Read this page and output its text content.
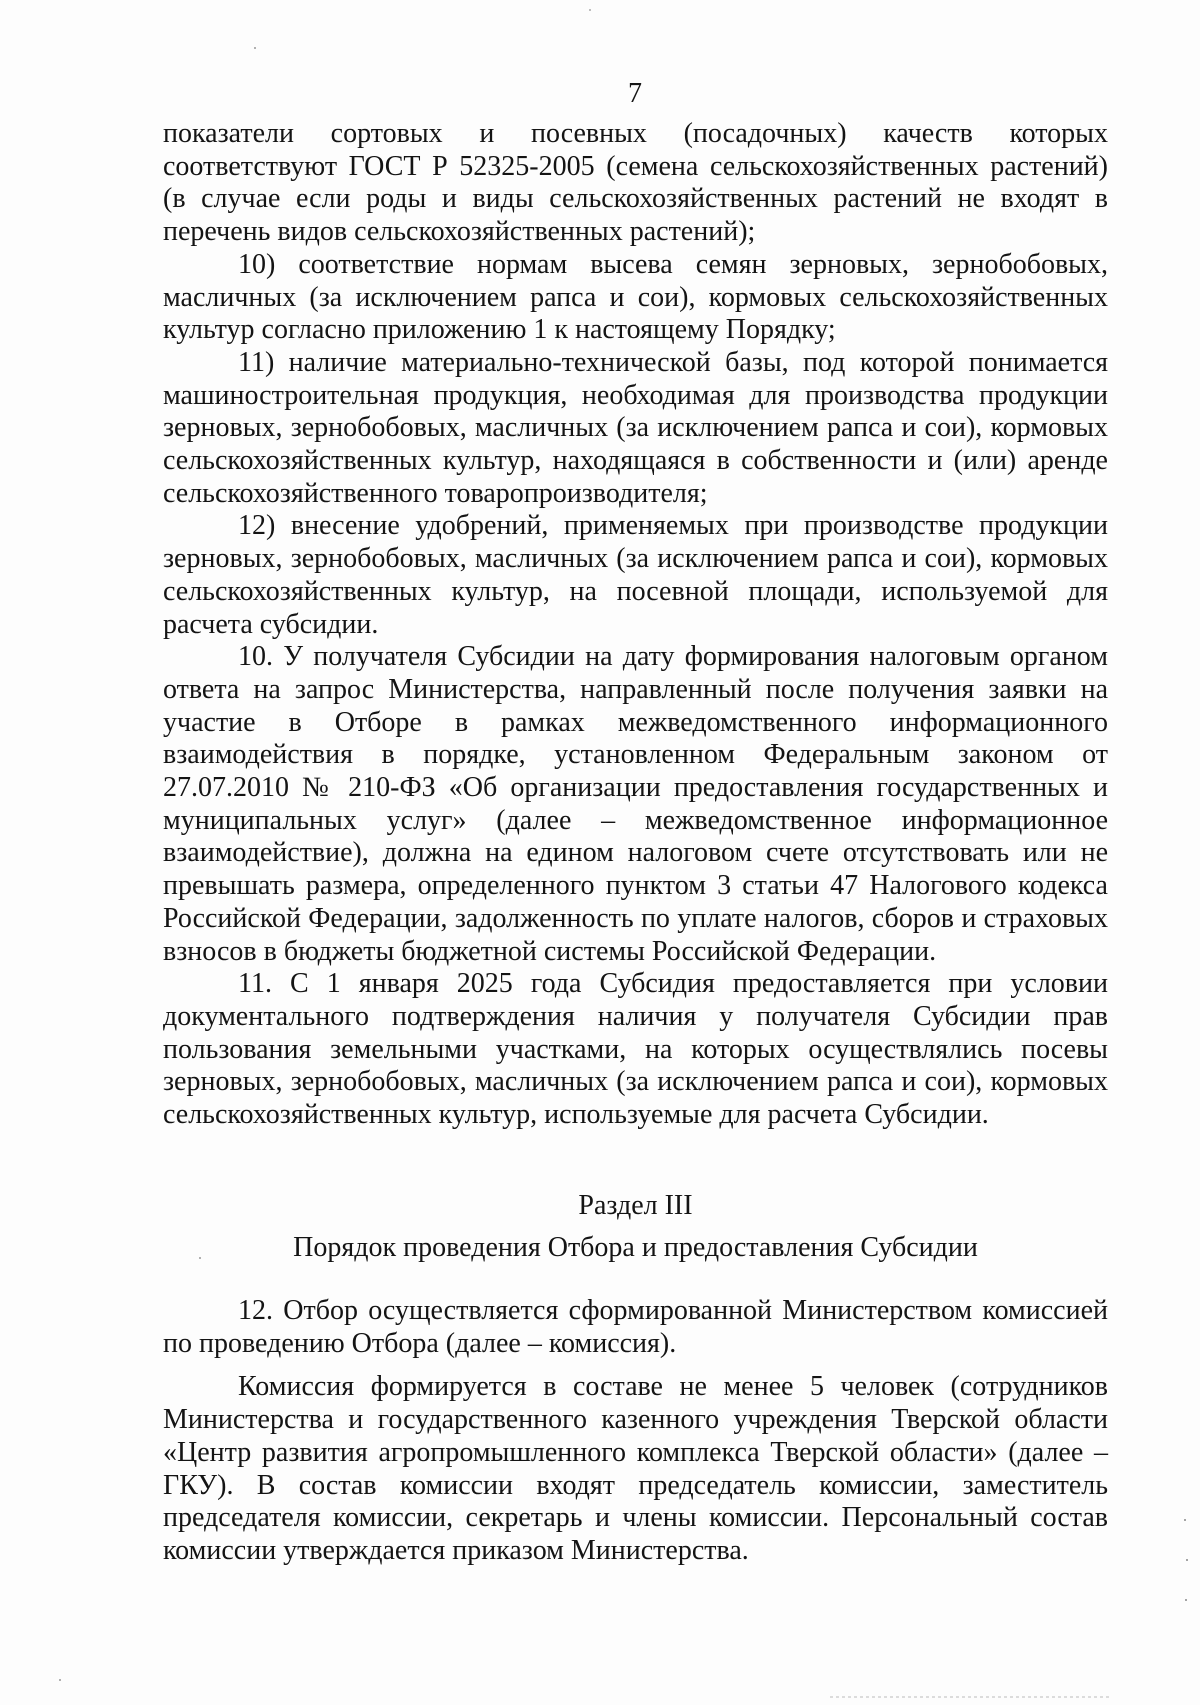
7

показатели сортовых и посевных (посадочных) качеств которых соответствуют ГОСТ Р 52325-2005 (семена сельскохозяйственных растений) (в случае если роды и виды сельскохозяйственных растений не входят в перечень видов сельскохозяйственных растений);

10) соответствие нормам высева семян зерновых, зернобобовых, масличных (за исключением рапса и сои), кормовых сельскохозяйственных культур согласно приложению 1 к настоящему Порядку;

11) наличие материально-технической базы, под которой понимается машиностроительная продукция, необходимая для производства продукции зерновых, зернобобовых, масличных (за исключением рапса и сои), кормовых сельскохозяйственных культур, находящаяся в собственности и (или) аренде сельскохозяйственного товаропроизводителя;

12) внесение удобрений, применяемых при производстве продукции зерновых, зернобобовых, масличных (за исключением рапса и сои), кормовых сельскохозяйственных культур, на посевной площади, используемой для расчета субсидии.

10. У получателя Субсидии на дату формирования налоговым органом ответа на запрос Министерства, направленный после получения заявки на участие в Отборе в рамках межведомственного информационного взаимодействия в порядке, установленном Федеральным законом от 27.07.2010 № 210-ФЗ «Об организации предоставления государственных и муниципальных услуг» (далее – межведомственное информационное взаимодействие), должна на едином налоговом счете отсутствовать или не превышать размера, определенного пунктом 3 статьи 47 Налогового кодекса Российской Федерации, задолженность по уплате налогов, сборов и страховых взносов в бюджеты бюджетной системы Российской Федерации.

11. С 1 января 2025 года Субсидия предоставляется при условии документального подтверждения наличия у получателя Субсидии прав пользования земельными участками, на которых осуществлялись посевы зерновых, зернобобовых, масличных (за исключением рапса и сои), кормовых сельскохозяйственных культур, используемые для расчета Субсидии.

Раздел III
Порядок проведения Отбора и предоставления Субсидии

12. Отбор осуществляется сформированной Министерством комиссией по проведению Отбора (далее – комиссия).

Комиссия формируется в составе не менее 5 человек (сотрудников Министерства и государственного казенного учреждения Тверской области «Центр развития агропромышленного комплекса Тверской области» (далее – ГКУ). В состав комиссии входят председатель комиссии, заместитель председателя комиссии, секретарь и члены комиссии. Персональный состав комиссии утверждается приказом Министерства.
